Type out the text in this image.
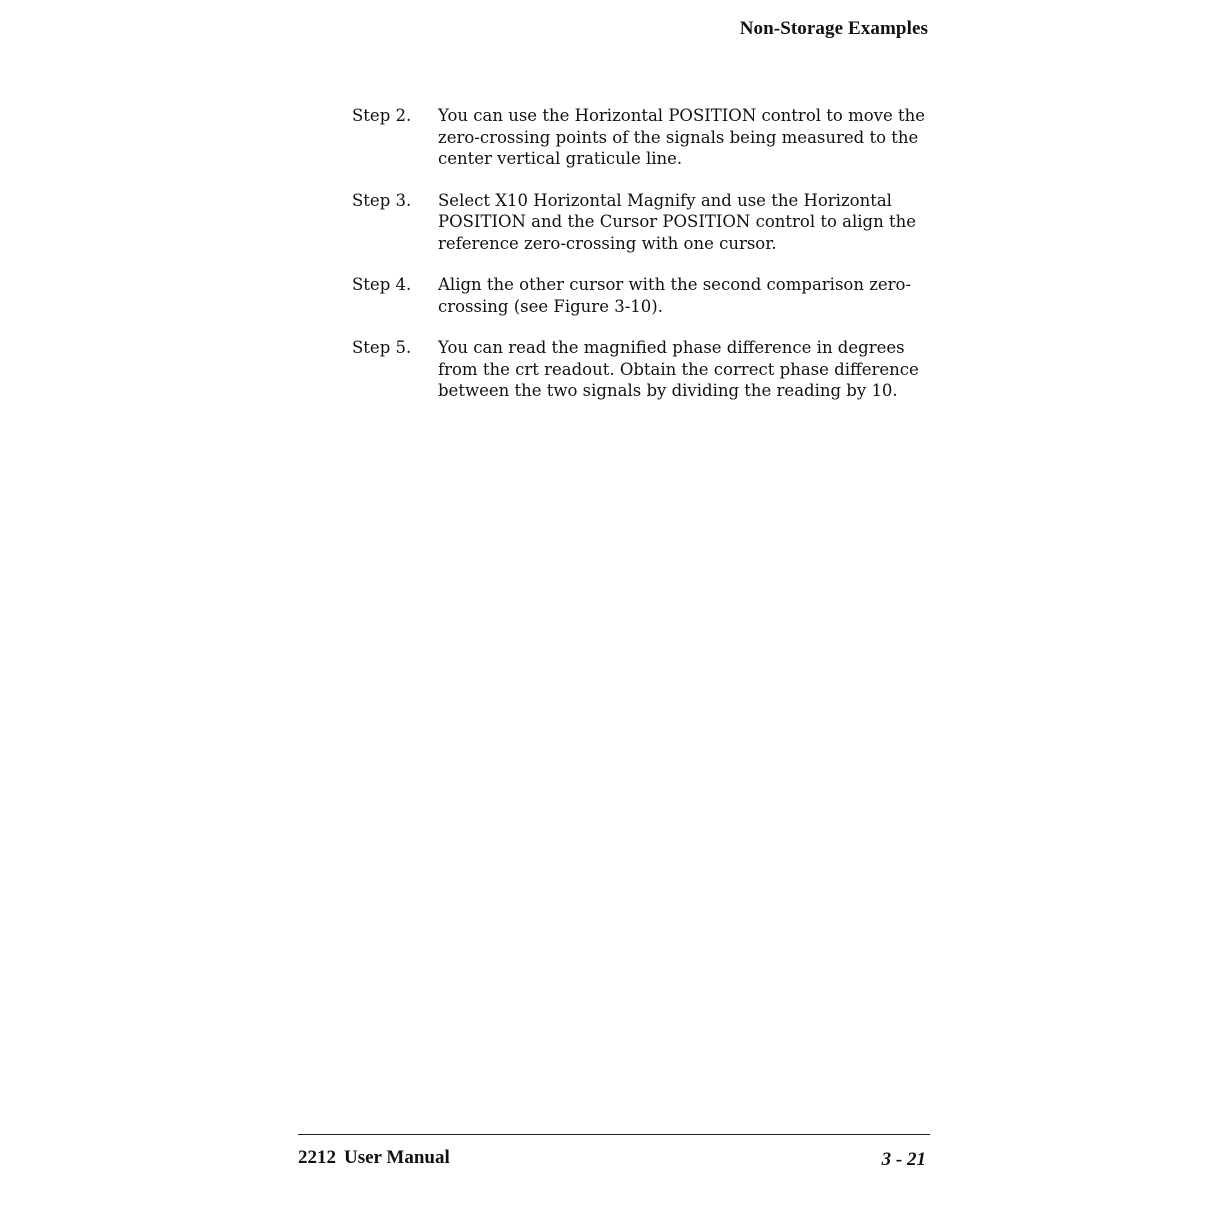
Non-Storage Examples
Step 2.	You can use the Horizontal POSITION control to move the zero-crossing points of the signals being measured to the center vertical graticule line.
Step 3.	Select X10 Horizontal Magnify and use the Horizontal POSITION and the Cursor POSITION control to align the reference zero-crossing with one cursor.
Step 4.	Align the other cursor with the second comparison zero-crossing (see Figure 3-10).
Step 5.	You can read the magnified phase difference in degrees from the crt readout. Obtain the correct phase difference between the two signals by dividing the reading by 10.
2212 User Manual	3 - 21
